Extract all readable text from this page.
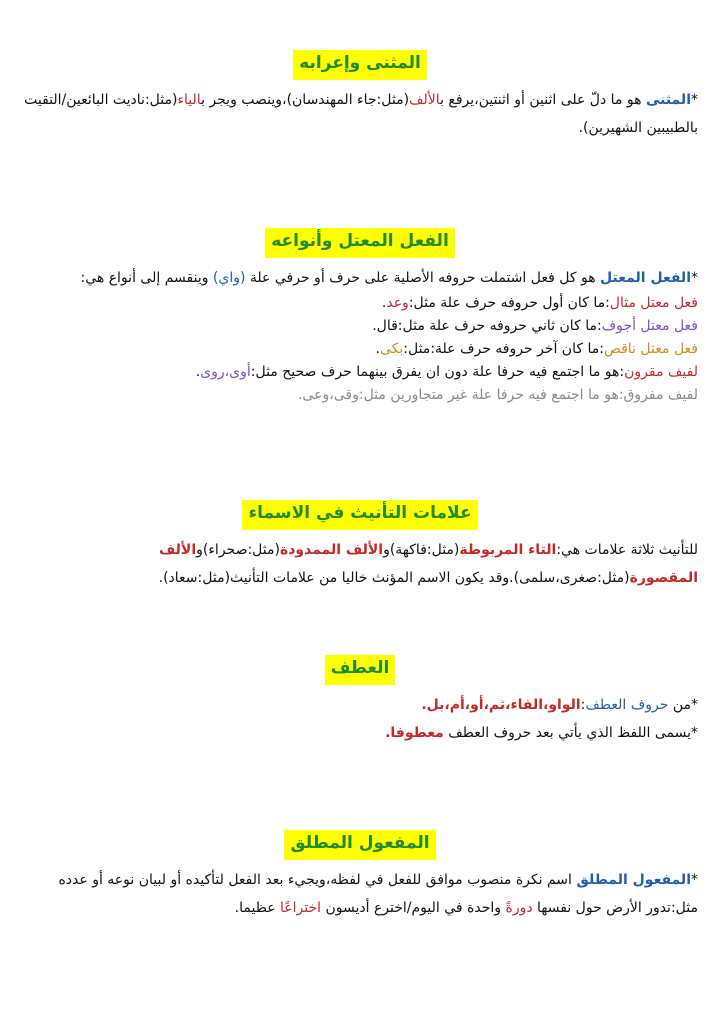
المثنى وإعرابه

*المثنى هو ما دلّ على اثنين أو اثنتين،يرفع بالألف(مثل:جاء المهندسان)،وينصب ويجر بالياء(مثل:ناديت البائعين/التقيت بالطبيبين الشهيرين).

الفعل المعتل وأنواعه

*الفعل المعتل هو كل فعل اشتملت حروفه الأصلية على حرف أو حرفي علة (واي) وينقسم إلى أنواع هي:

فعل معتل مثال:ما كان أول حروفه حرف علة مثل:وعد.

فعل معتل أجوف:ما كان ثاني حروفه حرف علة مثل:قال.

فعل معتل ناقص:ما كان آخر حروفه حرف علة:مثل:بكى.

لفيف مقرون:هو ما اجتمع فيه حرفا علة دون ان يفرق بينهما حرف صحيح مثل:أوى،روى.

لفيف مفروق:هو ما اجتمع فيه حرفا علة غير متجاورين مثل:وقى،وعى.

علامات التأنيث في الاسماء

للتأنيث ثلاثة علامات هي:التاء المربوطة(مثل:فاكهة)والألف الممدودة(مثل:صحراء)والألف المقصورة(مثل:صغرى،سلمى).وقد يكون الاسم المؤنث خاليا من علامات التأنيث(مثل:سعاد).

العطف

*من حروف العطف:الواو،الفاء،ثم،أو،أم،بل.

*يسمى اللفظ الذي يأتي بعد حروف العطف معطوفا.

المفعول المطلق

*المفعول المطلق اسم نكرة منصوب موافق للفعل في لفظه،ويجيء بعد الفعل لتأكيده أو لبيان نوعه أو عدده مثل:تدور الأرض حول نفسها دورةً واحدة في اليوم/اخترع أديسون اختراعًا عظيما.
